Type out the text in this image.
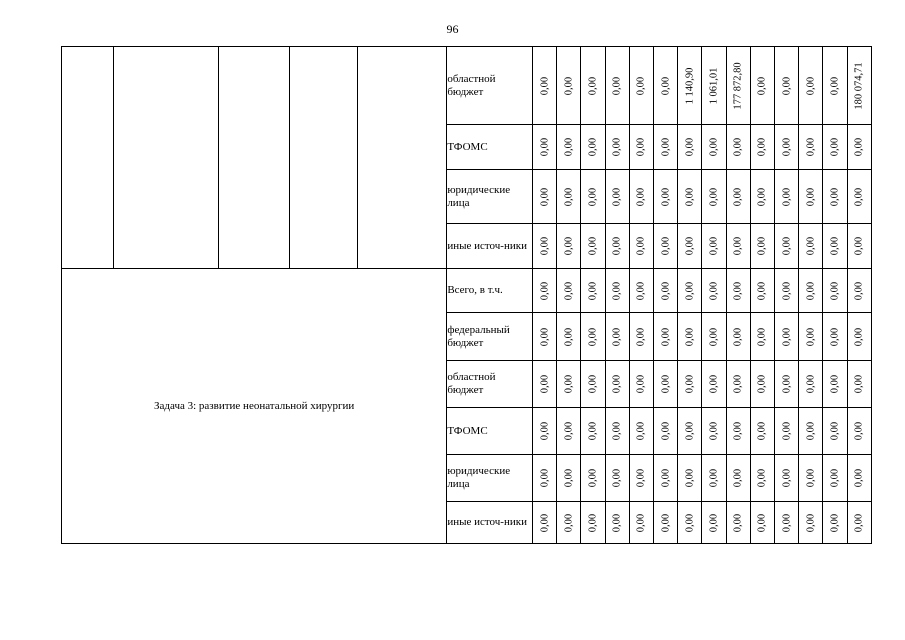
96
					областной бюджет	0,00	0,00	0,00	0,00	0,00	0,00	1 140,90	1 061,01	177 872,80	0,00	0,00	0,00	0,00	180 074,71

					ТФОМС	0,00	0,00	0,00	0,00	0,00	0,00	0,00	0,00	0,00	0,00	0,00	0,00	0,00	0,00

					юридические лица	0,00	0,00	0,00	0,00	0,00	0,00	0,00	0,00	0,00	0,00	0,00	0,00	0,00	0,00

					иные источ-ники	0,00	0,00	0,00	0,00	0,00	0,00	0,00	0,00	0,00	0,00	0,00	0,00	0,00	0,00

Задача 3: развитие неонатальной хирургии					Всего, в т.ч.	0,00	0,00	0,00	0,00	0,00	0,00	0,00	0,00	0,00	0,00	0,00	0,00	0,00	0,00

					федеральный бюджет	0,00	0,00	0,00	0,00	0,00	0,00	0,00	0,00	0,00	0,00	0,00	0,00	0,00	0,00

					областной бюджет	0,00	0,00	0,00	0,00	0,00	0,00	0,00	0,00	0,00	0,00	0,00	0,00	0,00	0,00

					ТФОМС	0,00	0,00	0,00	0,00	0,00	0,00	0,00	0,00	0,00	0,00	0,00	0,00	0,00	0,00

					юридические лица	0,00	0,00	0,00	0,00	0,00	0,00	0,00	0,00	0,00	0,00	0,00	0,00	0,00	0,00

					иные источ-ники	0,00	0,00	0,00	0,00	0,00	0,00	0,00	0,00	0,00	0,00	0,00	0,00	0,00	0,00
